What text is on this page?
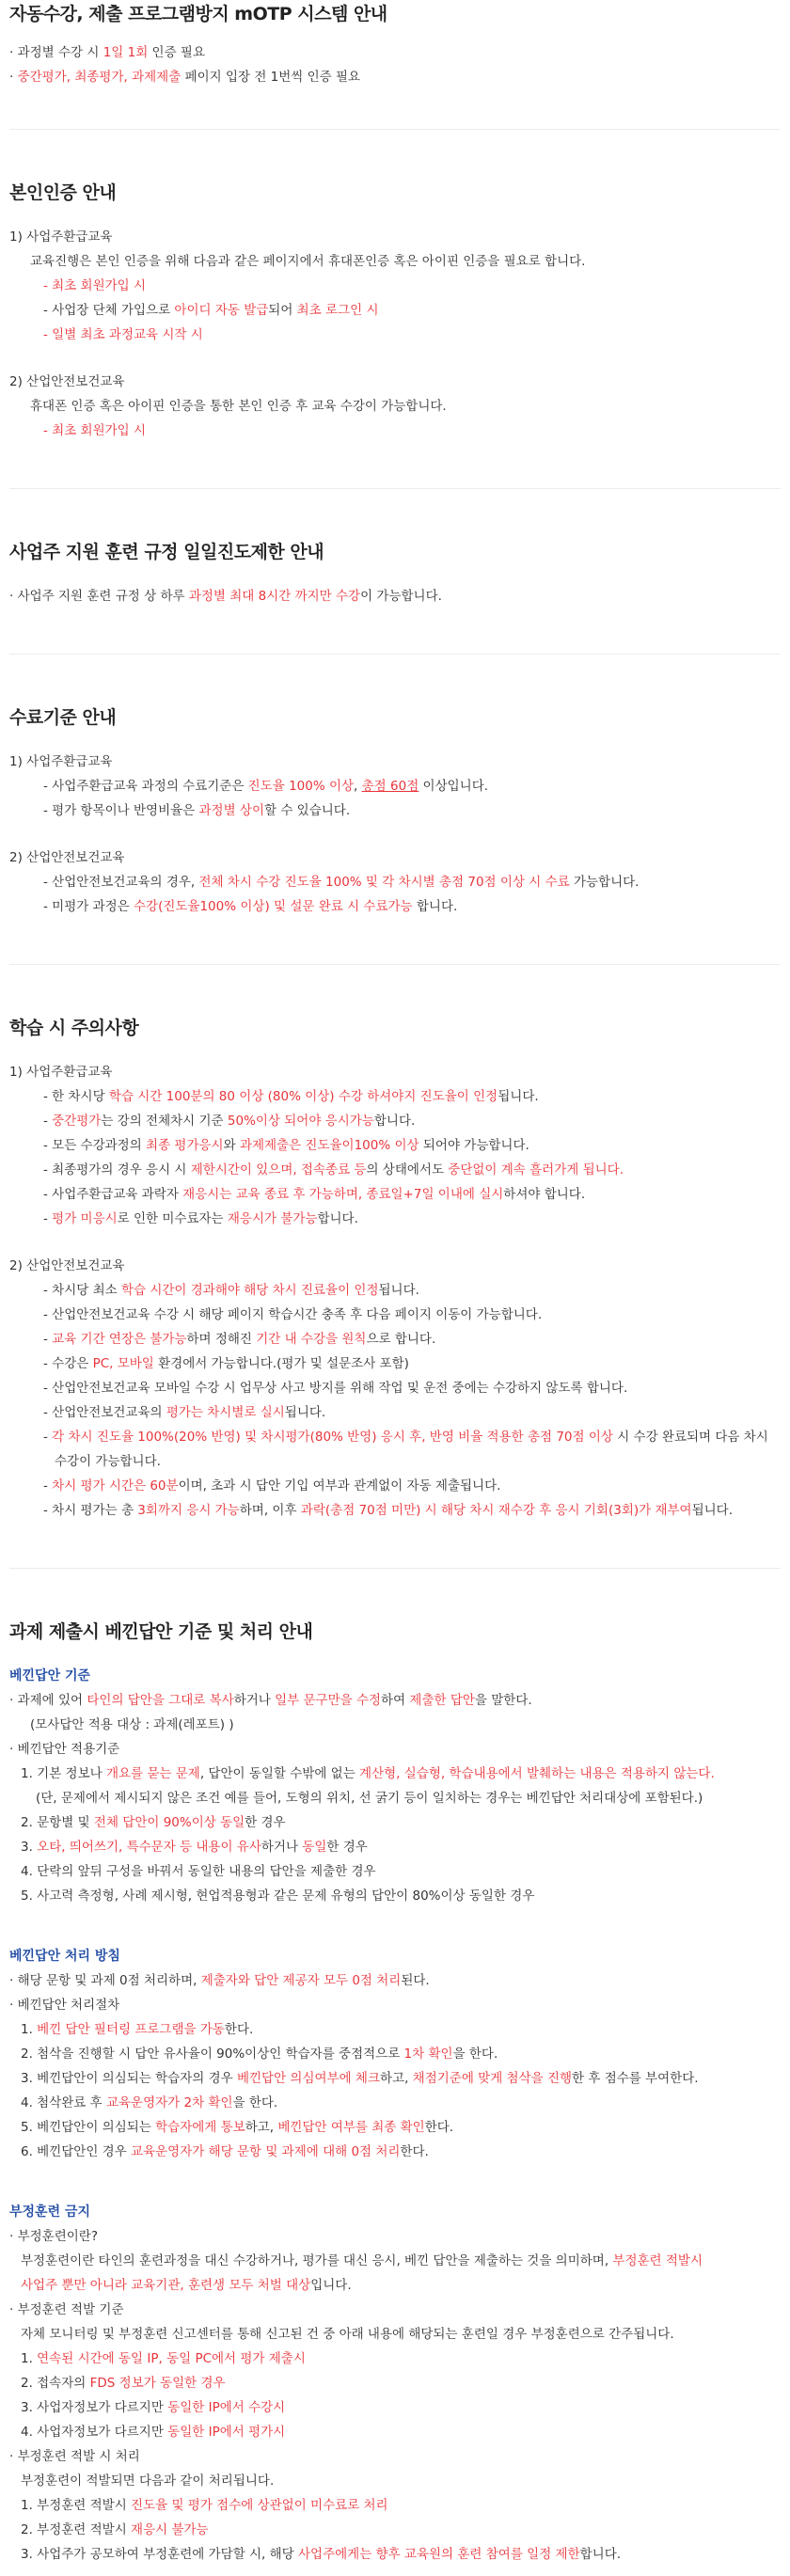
자동수강, 제출 프로그램방지 mOTP 시스템 안내
· 과정별 수강 시 1일 1회 인증 필요
· 중간평가, 최종평가, 과제제출 페이지 입장 전 1번씩 인증 필요
본인인증 안내
1) 사업주환급교육
교육진행은 본인 인증을 위해 다음과 같은 페이지에서 휴대폰인증 혹은 아이핀 인증을 필요로 합니다.
- 최초 회원가입 시
- 사업장 단체 가입으로 아이디 자동 발급되어 최초 로그인 시
- 일별 최초 과정교육 시작 시
2) 산업안전보건교육
휴대폰 인증 혹은 아이핀 인증을 통한 본인 인증 후 교육 수강이 가능합니다.
- 최초 회원가입 시
사업주 지원 훈련 규정 일일진도제한 안내
· 사업주 지원 훈련 규정 상 하루 과정별 최대 8시간 까지만 수강이 가능합니다.
수료기준 안내
1) 사업주환급교육
- 사업주환급교육 과정의 수료기준은 진도율 100% 이상, 총점 60점 이상입니다.
- 평가 항목이나 반영비율은 과정별 상이할 수 있습니다.
2) 산업안전보건교육
- 산업안전보건교육의 경우, 전체 차시 수강 진도율 100% 및 각 차시별 총점 70점 이상 시 수료 가능합니다.
- 미평가 과정은 수강(진도율100% 이상) 및 설문 완료 시 수료가능 합니다.
학습 시 주의사항
1) 사업주환급교육
- 한 차시당 학습 시간 100분의 80 이상 (80% 이상) 수강 하셔야지 진도율이 인정됩니다.
- 중간평가는 강의 전체차시 기준 50%이상 되어야 응시가능합니다.
- 모든 수강과정의 최종 평가응시와 과제제출은 진도율이100% 이상 되어야 가능합니다.
- 최종평가의 경우 응시 시 제한시간이 있으며, 접속종료 등의 상태에서도 중단없이 계속 흘러가게 됩니다.
- 사업주환급교육 과락자 재응시는 교육 종료 후 가능하며, 종료일+7일 이내에 실시하셔야 합니다.
- 평가 미응시로 인한 미수료자는 재응시가 불가능합니다.
2) 산업안전보건교육
- 차시당 최소 학습 시간이 경과해야 해당 차시 진료율이 인정됩니다.
- 산업안전보건교육 수강 시 해당 페이지 학습시간 충족 후 다음 페이지 이동이 가능합니다.
- 교육 기간 연장은 불가능하며 정해진 기간 내 수강을 원칙으로 합니다.
- 수강은 PC, 모바일 환경에서 가능합니다.(평가 및 설문조사 포함)
- 산업안전보건교육 모바일 수강 시 업무상 사고 방지를 위해 작업 및 운전 중에는 수강하지 않도록 합니다.
- 산업안전보건교육의 평가는 차시별로 실시됩니다.
- 각 차시 진도율 100%(20% 반영) 및 차시평가(80% 반영) 응시 후, 반영 비율 적용한 총점 70점 이상 시 수강 완료되며 다음 차시
수강이 가능합니다.
- 차시 평가 시간은 60분이며, 초과 시 답안 기입 여부과 관계없이 자동 제출됩니다.
- 차시 평가는 총 3회까지 응시 가능하며, 이후 과락(총점 70점 미만) 시 해당 차시 재수강 후 응시 기회(3회)가 재부여됩니다.
과제 제출시 베낀답안 기준 및 처리 안내
베낀답안 기준
· 과제에 있어 타인의 답안을 그대로 복사하거나 일부 문구만을 수정하여 제출한 답안을 말한다.
(모사답안 적용 대상 : 과제(레포트) )
· 베낀답안 적용기준
1. 기본 정보나 개요를 묻는 문제, 답안이 동일할 수밖에 없는 계산형, 실습형, 학습내용에서 발췌하는 내용은 적용하지 않는다.
(단, 문제에서 제시되지 않은 조건 예를 들어, 도형의 위치, 선 굵기 등이 일치하는 경우는 베낀답안 처리대상에 포함된다.)
2. 문항별 및 전체 답안이 90%이상 동일한 경우
3. 오타, 띄어쓰기, 특수문자 등 내용이 유사하거나 동일한 경우
4. 단락의 앞뒤 구성을 바꿔서 동일한 내용의 답안을 제출한 경우
5. 사고력 측정형, 사례 제시형, 현업적용형과 같은 문제 유형의 답안이 80%이상 동일한 경우
베낀답안 처리 방침
· 해당 문항 및 과제 0점 처리하며, 제출자와 답안 제공자 모두 0점 처리된다.
· 베낀답안 처리절차
1. 베낀 답안 필터링 프로그램을 가동한다.
2. 첨삭을 진행할 시 답안 유사율이 90%이상인 학습자를 중점적으로 1차 확인을 한다.
3. 베낀답안이 의심되는 학습자의 경우 베낀답안 의심여부에 체크하고, 채점기준에 맞게 첨삭을 진행한 후 점수를 부여한다.
4. 첨삭완료 후 교육운영자가 2차 확인을 한다.
5. 베낀답안이 의심되는 학습자에게 통보하고, 베낀답안 여부를 최종 확인한다.
6. 베낀답안인 경우 교육운영자가 해당 문항 및 과제에 대해 0점 처리한다.
부정훈련 금지
· 부정훈련이란?
부정훈련이란 타인의 훈련과정을 대신 수강하거나, 평가를 대신 응시, 베낀 답안을 제출하는 것을 의미하며, 부정훈련 적발시
사업주 뿐만 아니라 교육기관, 훈련생 모두 처벌 대상입니다.
· 부정훈련 적발 기준
자체 모니터링 및 부정훈련 신고센터를 통해 신고된 건 중 아래 내용에 해당되는 훈련일 경우 부정훈련으로 간주됩니다.
1. 연속된 시간에 동일 IP, 동일 PC에서 평가 제출시
2. 접속자의 FDS 정보가 동일한 경우
3. 사업자정보가 다르지만 동일한 IP에서 수강시
4. 사업자정보가 다르지만 동일한 IP에서 평가시
· 부정훈련 적발 시 처리
부정훈련이 적발되면 다음과 같이 처리됩니다.
1. 부정훈련 적발시 진도율 및 평가 점수에 상관없이 미수료로 처리
2. 부정훈련 적발시 재응시 불가능
3. 사업주가 공모하여 부정훈련에 가담할 시, 해당 사업주에게는 향후 교육원의 훈련 참여를 일정 제한합니다.
